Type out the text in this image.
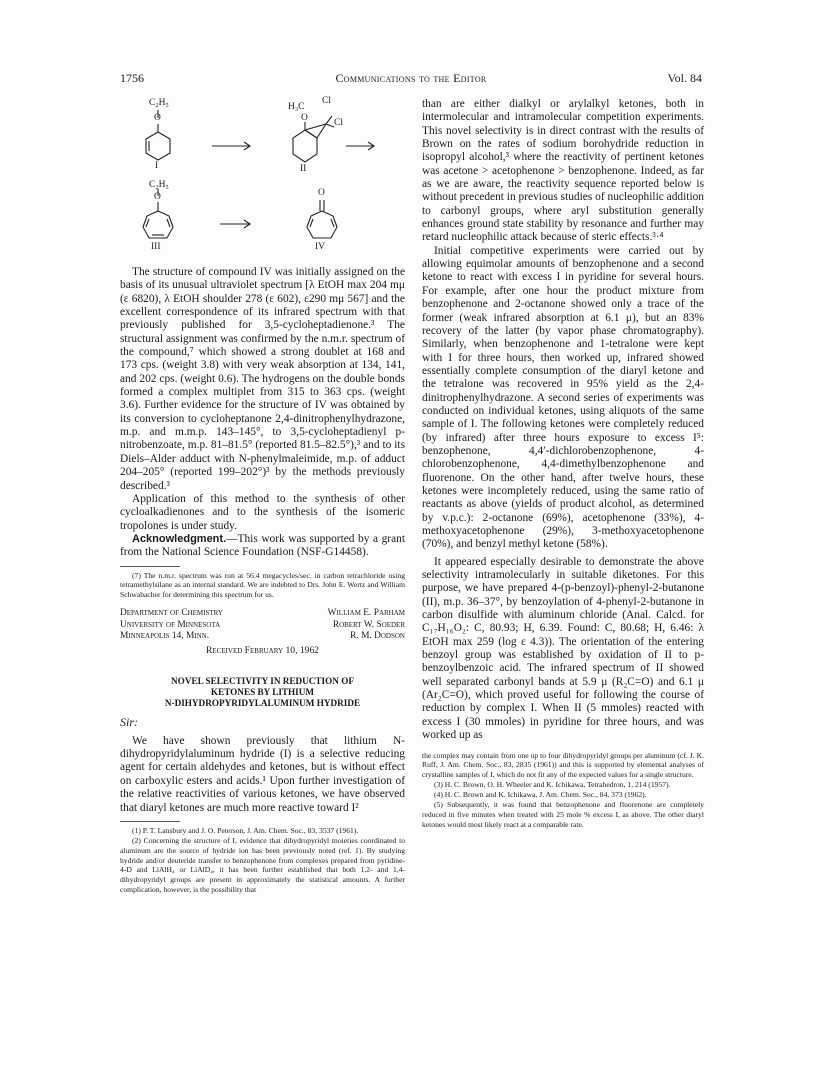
1756	Communications to the Editor	Vol. 84
C₂H₅
O
I
H₃C
O
Cl
Cl
II
C₂H₅
O
III
O
IV

The structure of compound IV was initially assigned on the basis of its unusual ultraviolet spectrum [λ EtOH max 204 mμ (ε 6820), λ EtOH shoulder 278 (ε 602), ε290 mμ 567] and the excellent correspondence of its infrared spectrum with that previously published for 3,5-cycloheptadienone.³ The structural assignment was confirmed by the n.m.r. spectrum of the compound,⁷ which showed a strong doublet at 168 and 173 cps. (weight 3.8) with very weak absorption at 134, 141, and 202 cps. (weight 0.6). The hydrogens on the double bonds formed a complex multiplet from 315 to 363 cps. (weight 3.6). Further evidence for the structure of IV was obtained by its conversion to cycloheptanone 2,4-dinitrophenylhydrazone, m.p. and m.m.p. 143–145°, to 3,5-cycloheptadienyl p-nitrobenzoate, m.p. 81–81.5° (reported 81.5–82.5°),³ and to its Diels–Alder adduct with N-phenylmaleimide, m.p. of adduct 204–205° (reported 199–202°)³ by the methods previously described.³

Application of this method to the synthesis of other cycloalkadienones and to the synthesis of the isomeric tropolones is under study.

Acknowledgment.—This work was supported by a grant from the National Science Foundation (NSF-G14458).

(7) The n.m.r. spectrum was run at 56.4 megacycles/sec. in carbon tetrachloride using tetramethylsilane as an internal standard. We are indebted to Drs. John E. Wertz and William Schwabacher for determining this spectrum for us.

Department of Chemistry
University of Minnesota
Minneapolis 14, Minn.
William E. Parham
Robert W. Soeder
R. M. Dodson
Received February 10, 1962
NOVEL SELECTIVITY IN REDUCTION OF
KETONES BY LITHIUM
N-DIHYDROPYRIDYLALUMINUM HYDRIDE
Sir:

We have shown previously that lithium N-dihydropyridylaluminum hydride (I) is a selective reducing agent for certain aldehydes and ketones, but is without effect on carboxylic esters and acids.¹ Upon further investigation of the relative reactivities of various ketones, we have observed that diaryl ketones are much more reactive toward I²

(1) P. T. Lansbury and J. O. Peterson, J. Am. Chem. Soc., 83, 3537 (1961).

(2) Concerning the structure of I, evidence that dihydropyridyl moieties coordinated to aluminum are the source of hydride ion has been previously noted (ref. 1). By studying hydride and/or deuteride transfer to benzophenone from complexes prepared from pyridine-4-D and LiAlH₄ or LiAlD₄, it has been further established that both 1,2- and 1,4-dihydropyridyl groups are present in approximately the statistical amounts. A further complication, however, is the possibility that

than are either dialkyl or arylalkyl ketones, both in intermolecular and intramolecular competition experiments. This novel selectivity is in direct contrast with the results of Brown on the rates of sodium borohydride reduction in isopropyl alcohol,³ where the reactivity of pertinent ketones was acetone > acetophenone > benzophenone. Indeed, as far as we are aware, the reactivity sequence reported below is without precedent in previous studies of nucleophilic addition to carbonyl groups, where aryl substitution generally enhances ground state stability by resonance and further may retard nucleophilic attack because of steric effects.³·⁴

Initial competitive experiments were carried out by allowing equimolar amounts of benzophenone and a second ketone to react with excess I in pyridine for several hours. For example, after one hour the product mixture from benzophenone and 2-octanone showed only a trace of the former (weak infrared absorption at 6.1 μ), but an 83% recovery of the latter (by vapor phase chromatography). Similarly, when benzophenone and 1-tetralone were kept with I for three hours, then worked up, infrared showed essentially complete consumption of the diaryl ketone and the tetralone was recovered in 95% yield as the 2,4-dinitrophenylhydrazone. A second series of experiments was conducted on individual ketones, using aliquots of the same sample of I. The following ketones were completely reduced (by infrared) after three hours exposure to excess I⁵: benzophenone, 4,4′-dichlorobenzophenone, 4-chlorobenzophenone, 4,4-dimethylbenzophenone and fluorenone. On the other hand, after twelve hours, these ketones were incompletely reduced, using the same ratio of reactants as above (yields of product alcohol, as determined by v.p.c.): 2-octanone (69%), acetophenone (33%), 4-methoxyacetophenone (29%), 3-methoxyacetophenone (70%), and benzyl methyl ketone (58%).

It appeared especially desirable to demonstrate the above selectivity intramolecularly in suitable diketones. For this purpose, we have prepared 4-(p-benzoyl)-phenyl-2-butanone (II), m.p. 36–37°, by benzoylation of 4-phenyl-2-butanone in carbon disulfide with aluminum chloride (Anal. Calcd. for C₁₇H₁₆O₂: C, 80.93; H, 6.39. Found: C, 80.68; H, 6.46: λ EtOH max 259 (log ε 4.3)). The orientation of the entering benzoyl group was established by oxidation of II to p-benzoylbenzoic acid. The infrared spectrum of II showed well separated carbonyl bands at 5.9 μ (R₂C=O) and 6.1 μ (Ar₂C=O), which proved useful for following the course of reduction by complex I. When II (5 mmoles) reacted with excess I (30 mmoles) in pyridine for three hours, and was worked up as

the complex may contain from one up to four dihydropyridyl groups per aluminum (cf. J. K. Ruff, J. Am. Chem. Soc., 83, 2835 (1961)) and this is supported by elemental analyses of crystalline samples of I, which do not fit any of the expected values for a single structure.

(3) H. C. Brown, O. H. Wheeler and K. Ichikawa, Tetrahedron, 1, 214 (1957).

(4) H. C. Brown and K. Ichikawa, J. Am. Chem. Soc., 84, 373 (1962).

(5) Subsequently, it was found that benzophenone and fluorenone are completely reduced in five minutes when treated with 25 mole % excess I, as above. The other diaryl ketones would most likely react at a comparable rate.
